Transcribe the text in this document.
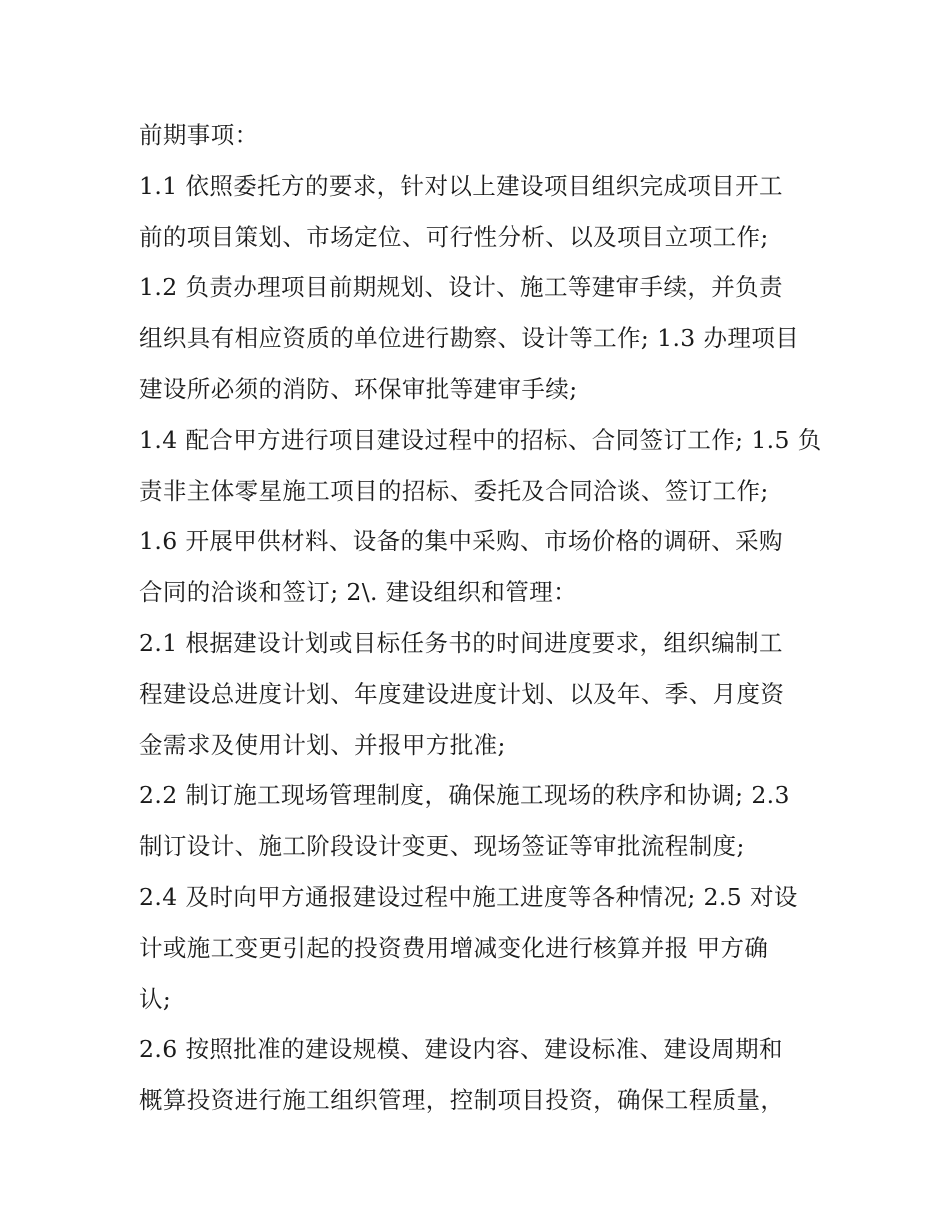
前期事项：
1.1 依照委托方的要求，针对以上建设项目组织完成项目开工
前的项目策划、市场定位、可行性分析、以及项目立项工作;
1.2 负责办理项目前期规划、设计、施工等建审手续，并负责
组织具有相应资质的单位进行勘察、设计等工作; 1.3 办理项目
建设所必须的消防、环保审批等建审手续;
1.4 配合甲方进行项目建设过程中的招标、合同签订工作; 1.5 负
责非主体零星施工项目的招标、委托及合同洽谈、签订工作;
1.6 开展甲供材料、设备的集中采购、市场价格的调研、采购
合同的洽谈和签订; 2\. 建设组织和管理：
2.1 根据建设计划或目标任务书的时间进度要求，组织编制工
程建设总进度计划、年度建设进度计划、以及年、季、月度资
金需求及使用计划、并报甲方批准;
2.2 制订施工现场管理制度，确保施工现场的秩序和协调; 2.3
制订设计、施工阶段设计变更、现场签证等审批流程制度;
2.4 及时向甲方通报建设过程中施工进度等各种情况; 2.5 对设
计或施工变更引起的投资费用增减变化进行核算并报 甲方确
认;
2.6 按照批准的建设规模、建设内容、建设标准、建设周期和
概算投资进行施工组织管理，控制项目投资，确保工程质量，
